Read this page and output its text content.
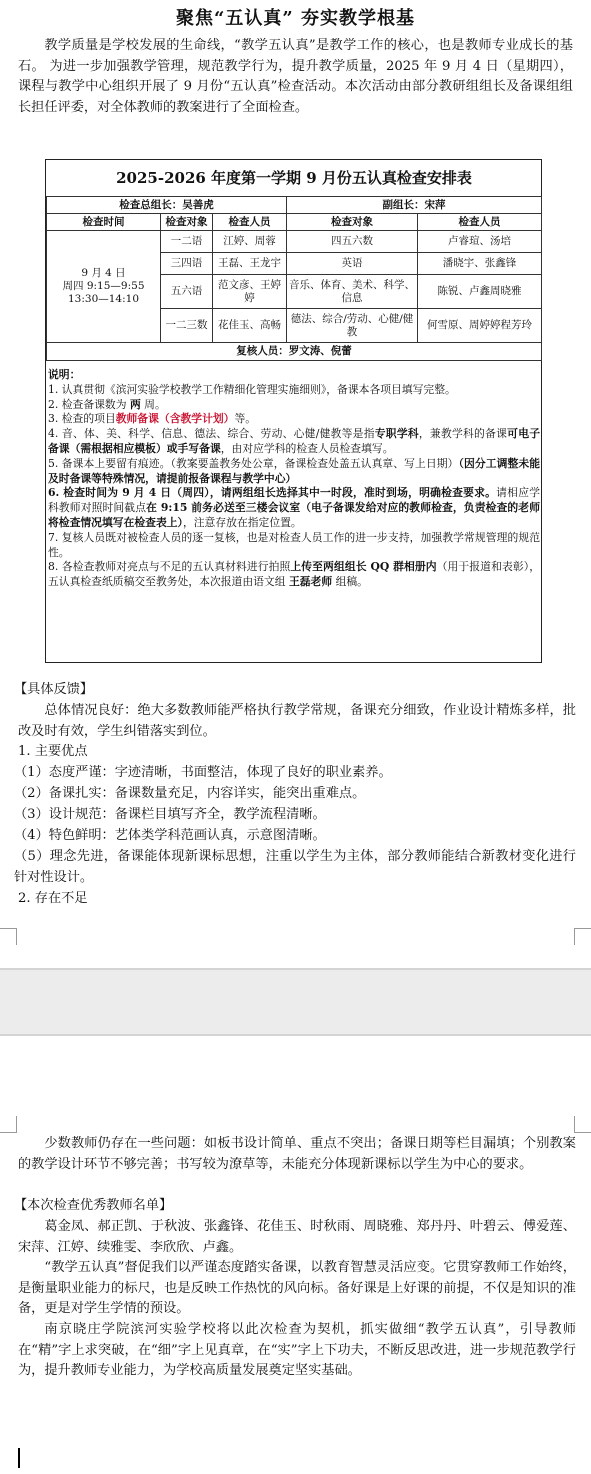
聚焦“五认真” 夯实教学根基

教学质量是学校发展的生命线，“教学五认真”是教学工作的核心，也是教师专业成长的基石。 为进一步加强教学管理，规范教学行为，提升教学质量，2025 年 9 月 4 日（星期四），课程与教学中心组织开展了 9 月份“五认真”检查活动。本次活动由部分教研组组长及备课组组长担任评委，对全体教师的教案进行了全面检查。

2025-2026 年度第一学期 9 月份五认真检查安排表				
检查总组长：吴善虎			副组长：宋萍	
检查时间	检查对象	检查人员	检查对象	检查人员

9 月 4 日
周四 9:15—9:55
13:30—14:10	一二语	江婷、周蓉	四五六数	卢睿瑄、汤培
	三四语	王磊、王龙宇	英语	潘晓宇、张鑫锋
	五六语	范文彦、王婷婷	音乐、体育、美术、科学、信息	陈锐、卢鑫周晓雅
	一二三数	花佳玉、高畅	德法、综合/劳动、心健/健教	何雪原、周婷婷程芳玲
复核人员：罗文涛、倪蕾				

说明：

1. 认真贯彻《滨河实验学校教学工作精细化管理实施细则》，备课本各项目填写完整。

2. 检查备课数为 两 周。

3. 检查的项目教师备课（含教学计划）等。

4. 音、体、美、科学、信息、德法、综合、劳动、心健/健教等是指专职学科，兼教学科的备课可电子备课（需根据相应模板）或手写备课，由对应学科的检查人员检查填写。

5. 备课本上要留有痕迹。（教案要盖教务处公章，备课检查处盖五认真章、写上日期）（因分工调整未能及时备课等特殊情况，请提前报备课程与教学中心）

6. 检查时间为 9 月 4 日（周四），请两组组长选择其中一时段，准时到场，明确检查要求。请相应学科教师对照时间截点在 9:15 前务必送至三楼会议室（电子备课发给对应的教师检查，负责检查的老师将检查情况填写在检查表上），注意存放在指定位置。

7. 复核人员既对被检查人员的逐一复核，也是对检查人员工作的进一步支持，加强教学常规管理的规范性。

8. 各检查教师对亮点与不足的五认真材料进行拍照上传至两组组长 QQ 群相册内（用于报道和表彰），五认真检查纸质稿交至教务处，本次报道由语文组 王磊老师 组稿。

【具体反馈】

总体情况良好：绝大多数教师能严格执行教学常规，备课充分细致，作业设计精炼多样，批改及时有效，学生纠错落实到位。

1. 主要优点

（1）态度严谨：字迹清晰，书面整洁，体现了良好的职业素养。

（2）备课扎实：备课数量充足，内容详实，能突出重难点。

（3）设计规范：备课栏目填写齐全，教学流程清晰。

（4）特色鲜明：艺体类学科范画认真，示意图清晰。

（5）理念先进，备课能体现新课标思想，注重以学生为主体，部分教师能结合新教材变化进行针对性设计。

2. 存在不足

少数教师仍存在一些问题：如板书设计简单、重点不突出；备课日期等栏目漏填；个别教案的教学设计环节不够完善；书写较为潦草等，未能充分体现新课标以学生为中心的要求。

【本次检查优秀教师名单】

葛金凤、郝正凯、于秋波、张鑫锋、花佳玉、时秋雨、周晓雅、郑丹丹、叶碧云、傅爱莲、宋萍、江婷、续雅雯、李欣欣、卢鑫。

“教学五认真”督促我们以严谨态度踏实备课，以教育智慧灵活应变。它贯穿教师工作始终，是衡量职业能力的标尺，也是反映工作热忱的风向标。备好课是上好课的前提，不仅是知识的准备，更是对学生学情的预设。

南京晓庄学院滨河实验学校将以此次检查为契机，抓实做细“教学五认真”，引导教师在“精”字上求突破，在“细”字上见真章，在“实”字上下功夫，不断反思改进，进一步规范教学行为，提升教师专业能力，为学校高质量发展奠定坚实基础。
